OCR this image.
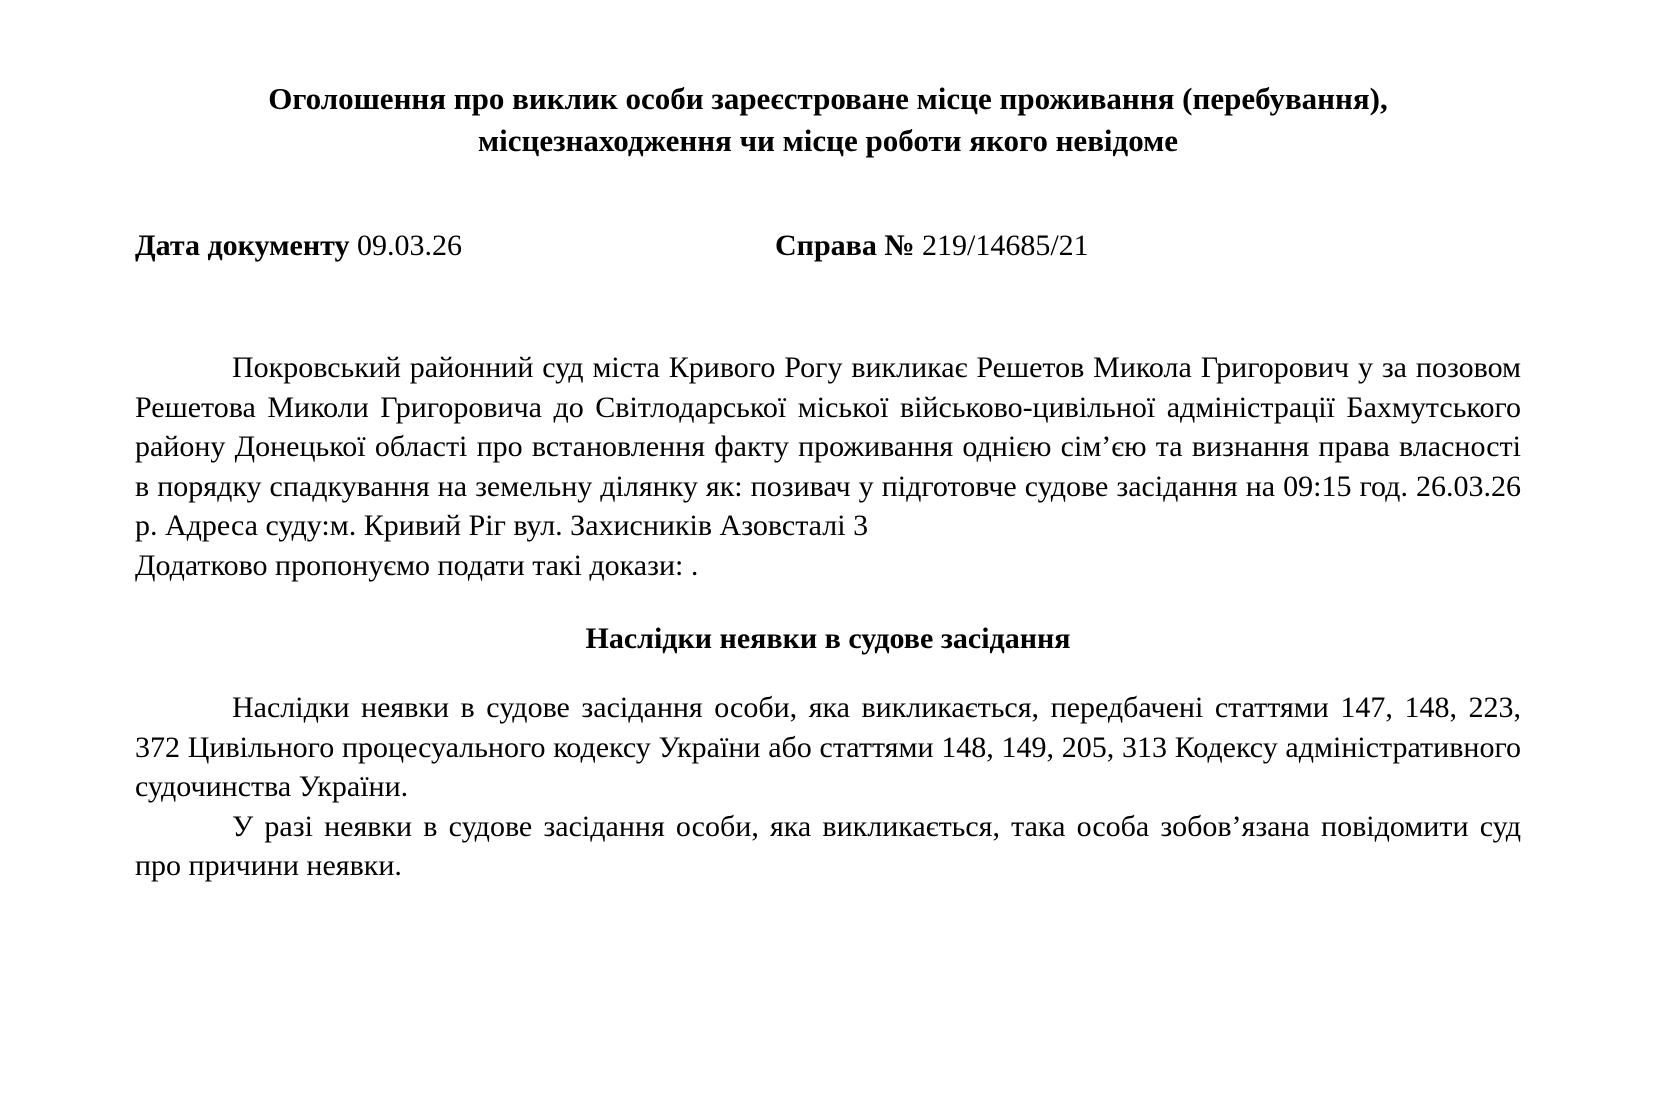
Оголошення про виклик особи зареєстроване місце проживання (перебування),
місцезнаходження чи місце роботи якого невідоме
Дата документу 09.03.26	Справа № 219/14685/21

Покровський районний суд міста Кривого Рогу викликає Решетов Микола Григорович у за позовом Решетова Миколи Григоровича до Світлодарської міської військово-цивільної адміністрації Бахмутського району Донецької області про встановлення факту проживання однією сім’єю та визнання права власності в порядку спадкування на земельну ділянку як: позивач у підготовче судове засідання на 09:15 год. 26.03.26 р. Адреса суду:м. Кривий Ріг вул. Захисників Азовсталі 3

Додатково пропонуємо подати такі докази: .

Наслідки неявки в судове засідання

Наслідки неявки в судове засідання особи, яка викликається, передбачені статтями 147, 148, 223, 372 Цивільного процесуального кодексу України або статтями 148, 149, 205, 313 Кодексу адміністративного судочинства України.

У разі неявки в судове засідання особи, яка викликається, така особа зобов’язана повідомити суд про причини неявки.
